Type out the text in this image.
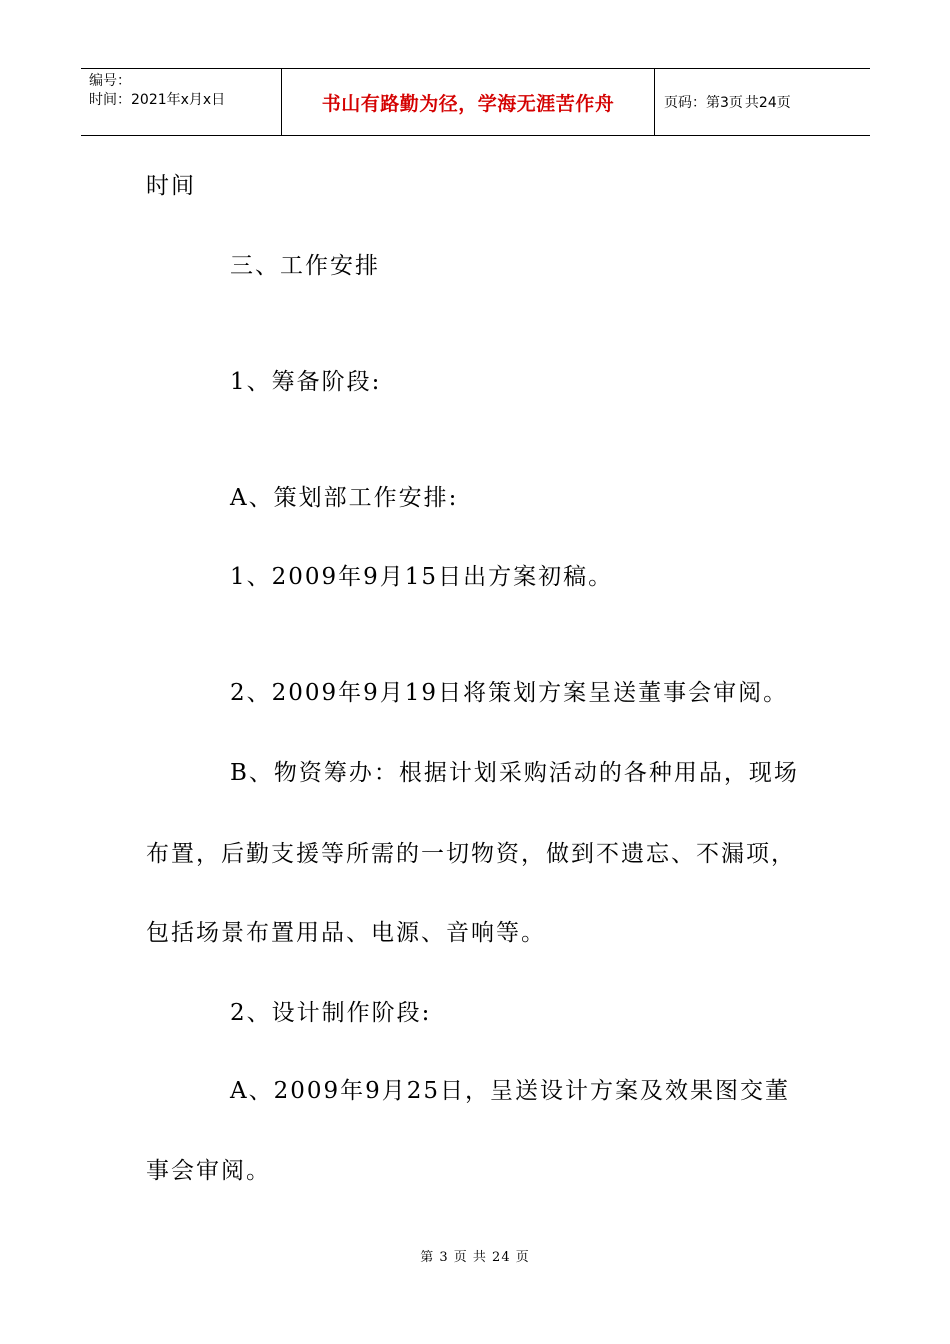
编号：
时间：2021年x月x日	书山有路勤为径，学海无涯苦作舟	页码：第3页 共24页
时间
三、工作安排
1、筹备阶段:
A、策划部工作安排:
1、2009年9月15日出方案初稿。
2、2009年9月19日将策划方案呈送董事会审阅。
B、物资筹办：根据计划采购活动的各种用品，现场
布置，后勤支援等所需的一切物资，做到不遗忘、不漏项，
包括场景布置用品、电源、音响等。
2、设计制作阶段:
A、2009年9月25日，呈送设计方案及效果图交董
事会审阅。
第 3 页 共 24 页
